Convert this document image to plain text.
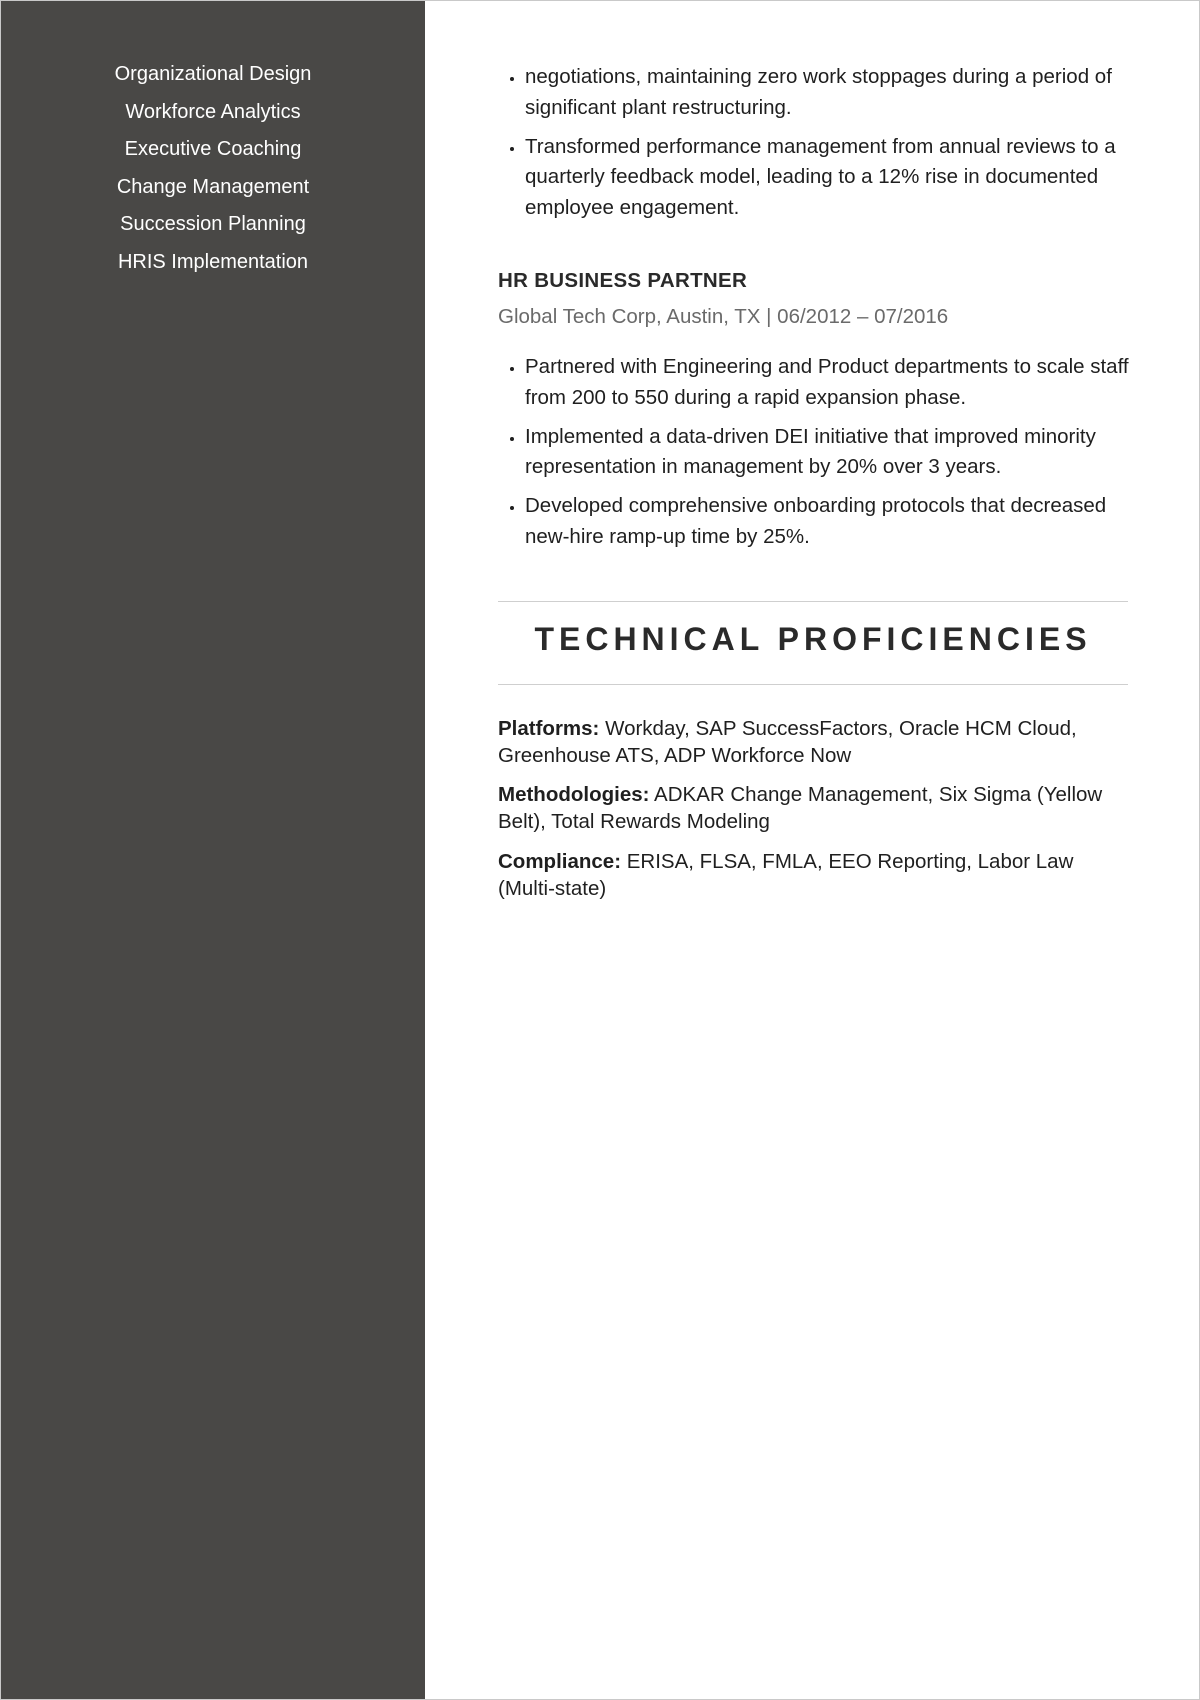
Organizational Design
Workforce Analytics
Executive Coaching
Change Management
Succession Planning
HRIS Implementation
• negotiations, maintaining zero work stoppages during a period of significant plant restructuring.
• Transformed performance management from annual reviews to a quarterly feedback model, leading to a 12% rise in documented employee engagement.
HR BUSINESS PARTNER

Global Tech Corp, Austin, TX | 06/2012 – 07/2016

• Partnered with Engineering and Product departments to scale staff from 200 to 550 during a rapid expansion phase.
• Implemented a data-driven DEI initiative that improved minority representation in management by 20% over 3 years.
• Developed comprehensive onboarding protocols that decreased new-hire ramp-up time by 25%.
TECHNICAL PROFICIENCIES

Platforms: Workday, SAP SuccessFactors, Oracle HCM Cloud, Greenhouse ATS, ADP Workforce Now

Methodologies: ADKAR Change Management, Six Sigma (Yellow Belt), Total Rewards Modeling

Compliance: ERISA, FLSA, FMLA, EEO Reporting, Labor Law (Multi-state)
